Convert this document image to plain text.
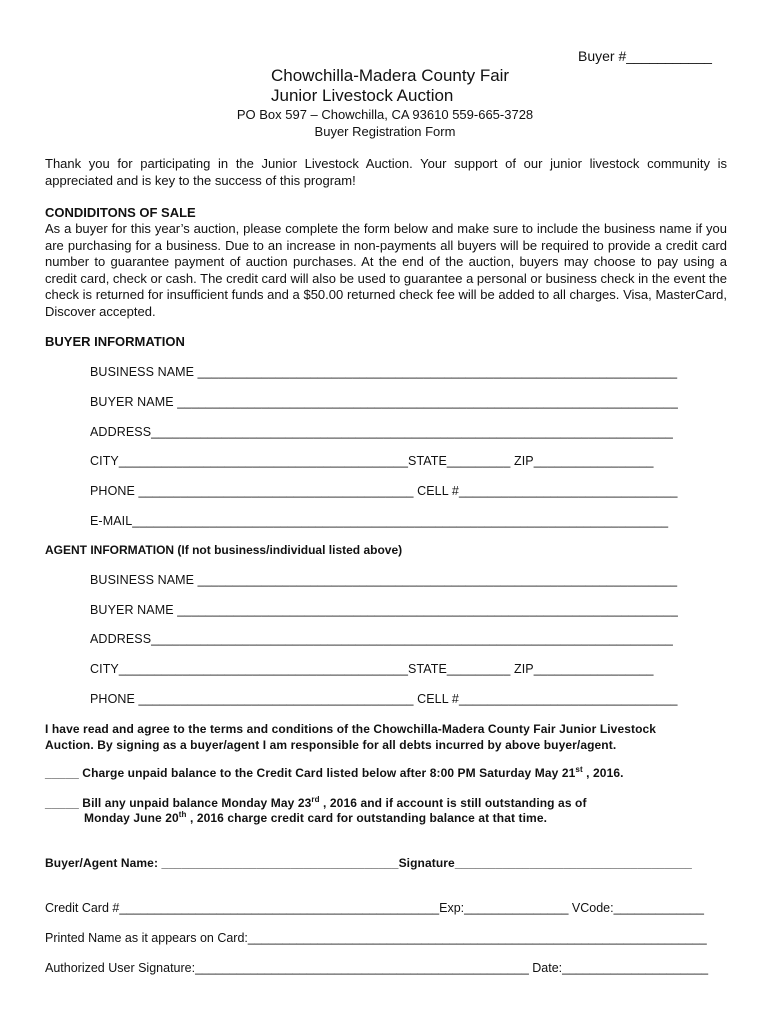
Buyer #___________
Chowchilla-Madera County Fair
Junior Livestock Auction
PO Box 597 – Chowchilla, CA 93610 559-665-3728
Buyer Registration Form
Thank you for participating in the Junior Livestock Auction. Your support of our junior livestock community is appreciated and is key to the success of this program!
CONDIDITONS OF SALE
As a buyer for this year’s auction, please complete the form below and make sure to include the business name if you are purchasing for a business. Due to an increase in non-payments all buyers will be required to provide a credit card number to guarantee payment of auction purchases. At the end of the auction, buyers may choose to pay using a credit card, check or cash. The credit card will also be used to guarantee a personal or business check in the event the check is returned for insufficient funds and a $50.00 returned check fee will be added to all charges. Visa, MasterCard, Discover accepted.
BUYER INFORMATION
BUSINESS NAME ____________________________________________________________________
BUYER NAME _______________________________________________________________________
ADDRESS__________________________________________________________________________
CITY_________________________________________STATE_________ ZIP_________________
PHONE _______________________________________ CELL #_______________________________
E-MAIL____________________________________________________________________________
AGENT INFORMATION (If not business/individual listed above)
BUSINESS NAME ____________________________________________________________________
BUYER NAME _______________________________________________________________________
ADDRESS__________________________________________________________________________
CITY_________________________________________STATE_________ ZIP_________________
PHONE _______________________________________ CELL #_______________________________
I have read and agree to the terms and conditions of the Chowchilla-Madera County Fair Junior Livestock
Auction. By signing as a buyer/agent I am responsible for all debts incurred by above buyer/agent.
_____ Charge unpaid balance to the Credit Card listed below after 8:00 PM Saturday May 21st , 2016.
_____ Bill any unpaid balance Monday May 23rd , 2016 and if account is still outstanding as of
Monday June 20th , 2016 charge credit card for outstanding balance at that time.
Buyer/Agent Name: ___________________________________Signature___________________________________
Credit Card #______________________________________________Exp:_______________ VCode:_____________
Printed Name as it appears on Card:__________________________________________________________________
Authorized User Signature:________________________________________________ Date:_____________________
